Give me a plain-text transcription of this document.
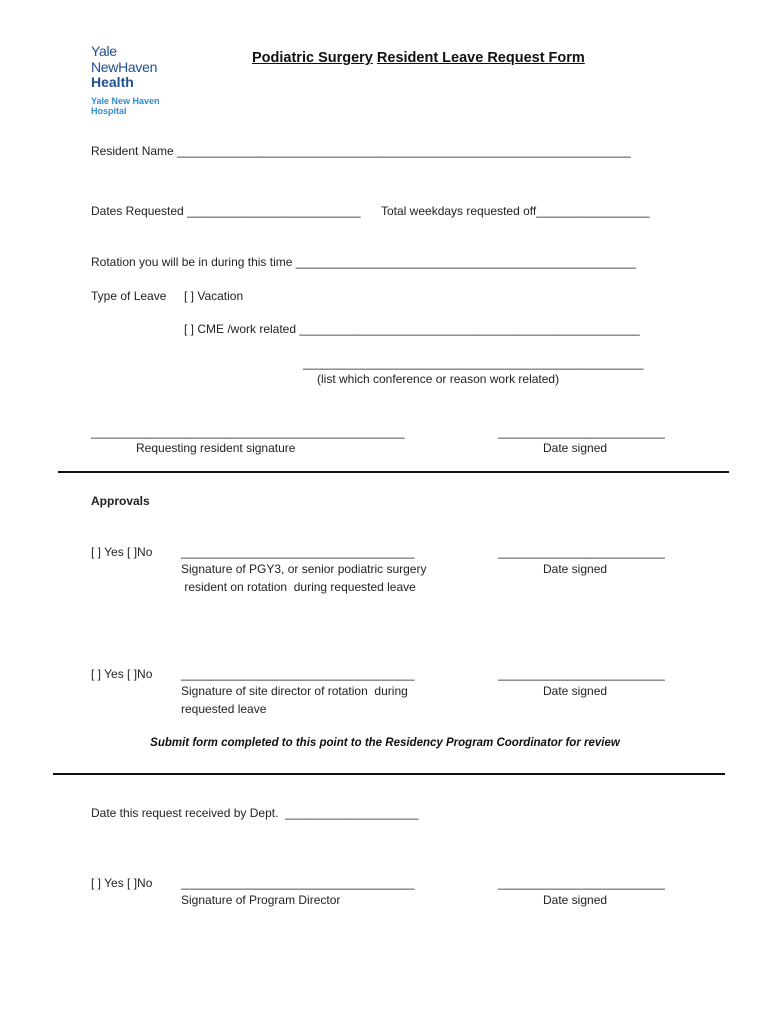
Yale
NewHaven
Health
Yale New Haven
Hospital
Podiatric Surgery Resident Leave Request Form
Resident Name ____________________________________________________________________
Dates Requested __________________________ Total weekdays requested off_________________
Rotation you will be in during this time ___________________________________________________
Type of Leave [ ] Vacation
[ ] CME /work related ___________________________________________________
___________________________________________________
(list which conference or reason work related)
_______________________________________________
Requesting resident signature
_________________________
Date signed
Approvals
[ ] Yes [ ]No ___________________________________
Signature of PGY3, or senior podiatric surgery
resident on rotation  during requested leave
_________________________
Date signed
[ ] Yes [ ]No ___________________________________
Signature of site director of rotation  during
requested leave
_________________________
Date signed
Submit form completed to this point to the Residency Program Coordinator for review
Date this request received by Dept.  ____________________
[ ] Yes [ ]No ___________________________________
Signature of Program Director
_________________________
Date signed
